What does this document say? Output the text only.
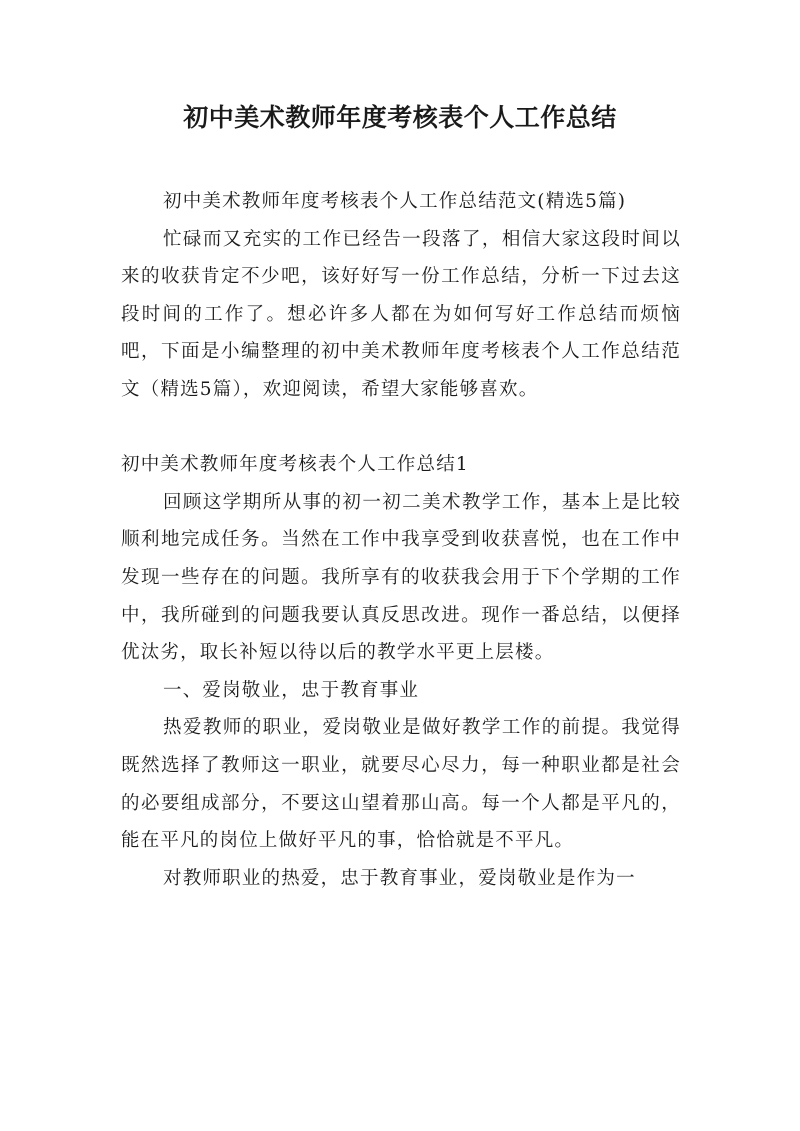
初中美术教师年度考核表个人工作总结

初中美术教师年度考核表个人工作总结范文(精选5篇)

忙碌而又充实的工作已经告一段落了，相信大家这段时间以来的收获肯定不少吧，该好好写一份工作总结，分析一下过去这段时间的工作了。想必许多人都在为如何写好工作总结而烦恼吧，下面是小编整理的初中美术教师年度考核表个人工作总结范文（精选5篇），欢迎阅读，希望大家能够喜欢。

初中美术教师年度考核表个人工作总结1

回顾这学期所从事的初一初二美术教学工作，基本上是比较顺利地完成任务。当然在工作中我享受到收获喜悦，也在工作中发现一些存在的问题。我所享有的收获我会用于下个学期的工作中，我所碰到的问题我要认真反思改进。现作一番总结，以便择优汰劣，取长补短以待以后的教学水平更上层楼。

一、爱岗敬业，忠于教育事业

热爱教师的职业，爱岗敬业是做好教学工作的前提。我觉得既然选择了教师这一职业，就要尽心尽力，每一种职业都是社会的必要组成部分，不要这山望着那山高。每一个人都是平凡的，能在平凡的岗位上做好平凡的事，恰恰就是不平凡。

对教师职业的热爱，忠于教育事业，爱岗敬业是作为一
